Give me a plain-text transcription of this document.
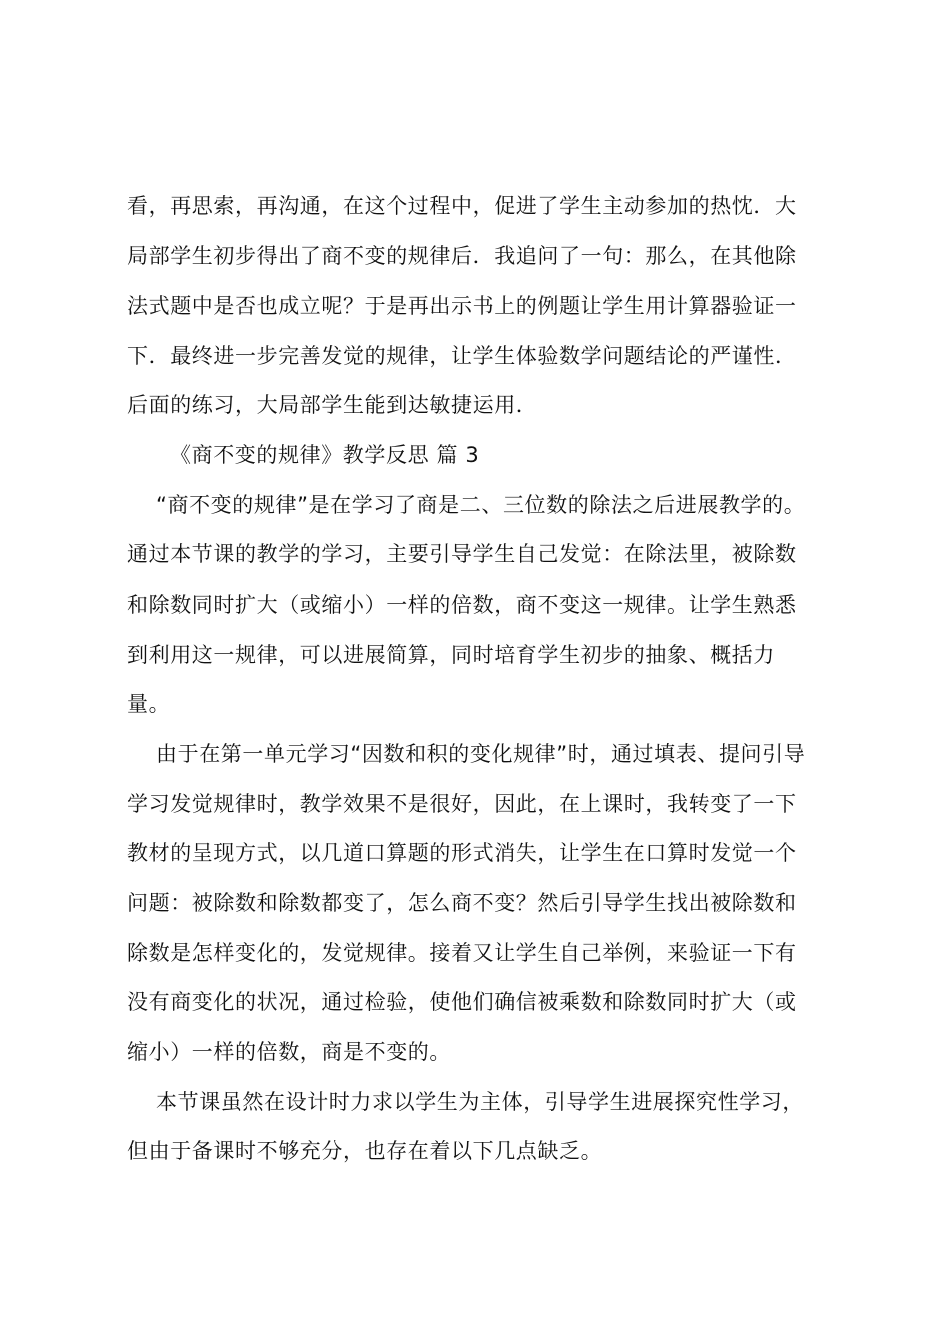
看，再思索，再沟通，在这个过程中，促进了学生主动参加的热忱．大
局部学生初步得出了商不变的规律后．我追问了一句：那么，在其他除
法式题中是否也成立呢？于是再出示书上的例题让学生用计算器验证一
下．最终进一步完善发觉的规律，让学生体验数学问题结论的严谨性．
后面的练习，大局部学生能到达敏捷运用．
《商不变的规律》教学反思 篇 3
“商不变的规律”是在学习了商是二、三位数的除法之后进展教学的。
通过本节课的教学的学习，主要引导学生自己发觉：在除法里，被除数
和除数同时扩大（或缩小）一样的倍数，商不变这一规律。让学生熟悉
到利用这一规律，可以进展简算，同时培育学生初步的抽象、概括力
量。
由于在第一单元学习“因数和积的变化规律”时，通过填表、提问引导
学习发觉规律时，教学效果不是很好，因此，在上课时，我转变了一下
教材的呈现方式，以几道口算题的形式消失，让学生在口算时发觉一个
问题：被除数和除数都变了，怎么商不变？然后引导学生找出被除数和
除数是怎样变化的，发觉规律。接着又让学生自己举例，来验证一下有
没有商变化的状况，通过检验，使他们确信被乘数和除数同时扩大（或
缩小）一样的倍数，商是不变的。
本节课虽然在设计时力求以学生为主体，引导学生进展探究性学习，
但由于备课时不够充分，也存在着以下几点缺乏。
